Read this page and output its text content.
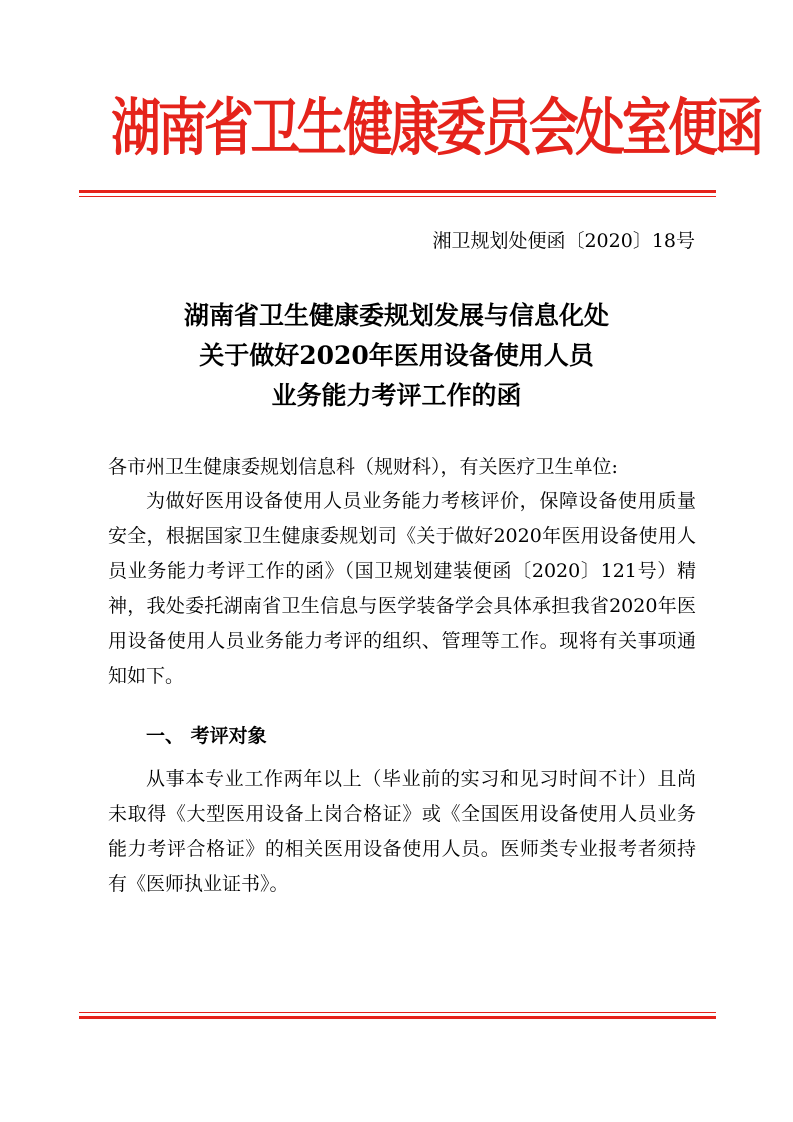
湖南省卫生健康委员会处室便函
湘卫规划处便函〔2020〕18号
湖南省卫生健康委规划发展与信息化处
关于做好2020年医用设备使用人员
业务能力考评工作的函
各市州卫生健康委规划信息科（规财科），有关医疗卫生单位:
为做好医用设备使用人员业务能力考核评价，保障设备使用质量安全，根据国家卫生健康委规划司《关于做好2020年医用设备使用人员业务能力考评工作的函》（国卫规划建装便函〔2020〕121号）精神，我处委托湖南省卫生信息与医学装备学会具体承担我省2020年医用设备使用人员业务能力考评的组织、管理等工作。现将有关事项通知如下。
一、 考评对象
从事本专业工作两年以上（毕业前的实习和见习时间不计）且尚未取得《大型医用设备上岗合格证》或《全国医用设备使用人员业务能力考评合格证》的相关医用设备使用人员。医师类专业报考者须持有《医师执业证书》。
